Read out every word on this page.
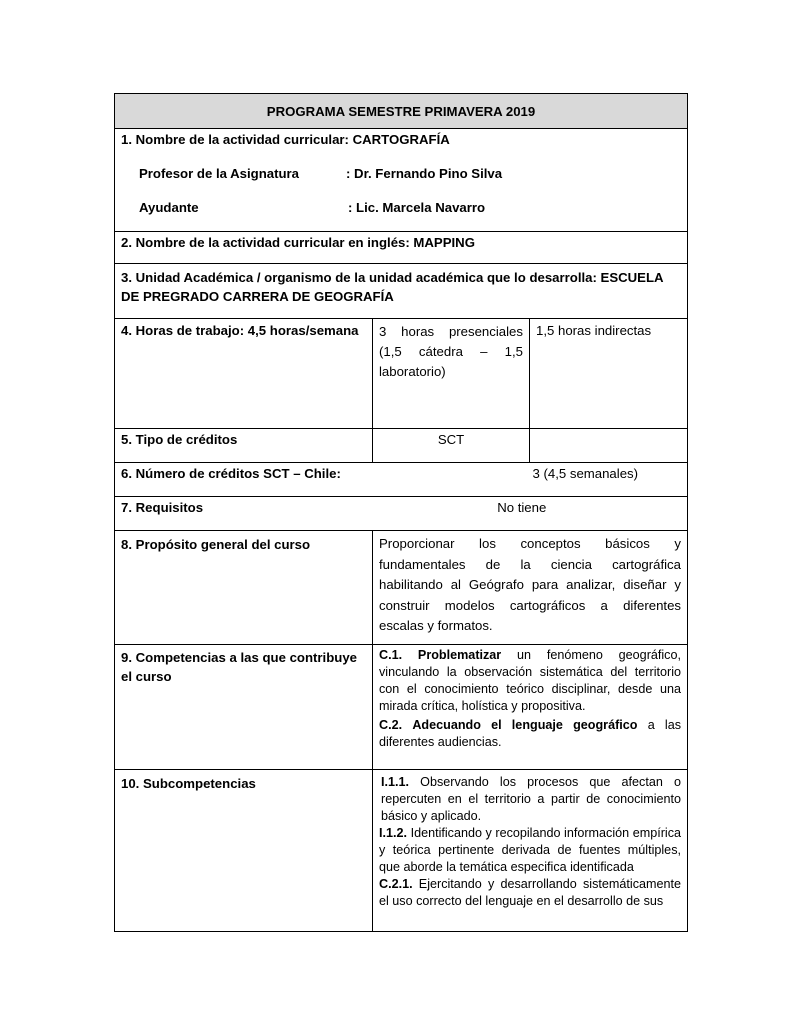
PROGRAMA SEMESTRE PRIMAVERA 2019		

1. Nombre de la actividad curricular: CARTOGRAFÍA
Profesor de la Asignatura : Dr. Fernando Pino Silva
Ayudante : Lic. Marcela Navarro		

2. Nombre de la actividad curricular en inglés: MAPPING		
3. Unidad Académica / organismo de la unidad académica que lo desarrolla: ESCUELA DE PREGRADO CARRERA DE GEOGRAFÍA		
4. Horas de trabajo: 4,5 horas/semana	3 horas presenciales (1,5 cátedra – 1,5 laboratorio)	1,5 horas indirectas
5. Tipo de créditos	SCT	
6. Número de créditos SCT – Chile:	3 (4,5 semanales)	
7. Requisitos	No tiene	
8. Propósito general del curso	Proporcionar los conceptos básicos y fundamentales de la ciencia cartográfica habilitando al Geógrafo para analizar, diseñar y construir modelos cartográficos a diferentes escalas y formatos.	
9. Competencias a las que contribuye el curso	C.1. Problematizar un fenómeno geográfico, vinculando la observación sistemática del territorio con el conocimiento teórico disciplinar, desde una mirada crítica, holística y propositiva.
C.2. Adecuando el lenguaje geográfico a las diferentes audiencias.	

10. Subcompetencias	I.1.1. Observando los procesos que afectan o repercuten en el territorio a partir de conocimiento básico y aplicado.
I.1.2. Identificando y recopilando información empírica y teórica pertinente derivada de fuentes múltiples, que aborde la temática especifica identificada
C.2.1. Ejercitando y desarrollando sistemáticamente el uso correcto del lenguaje en el desarrollo de sus	
